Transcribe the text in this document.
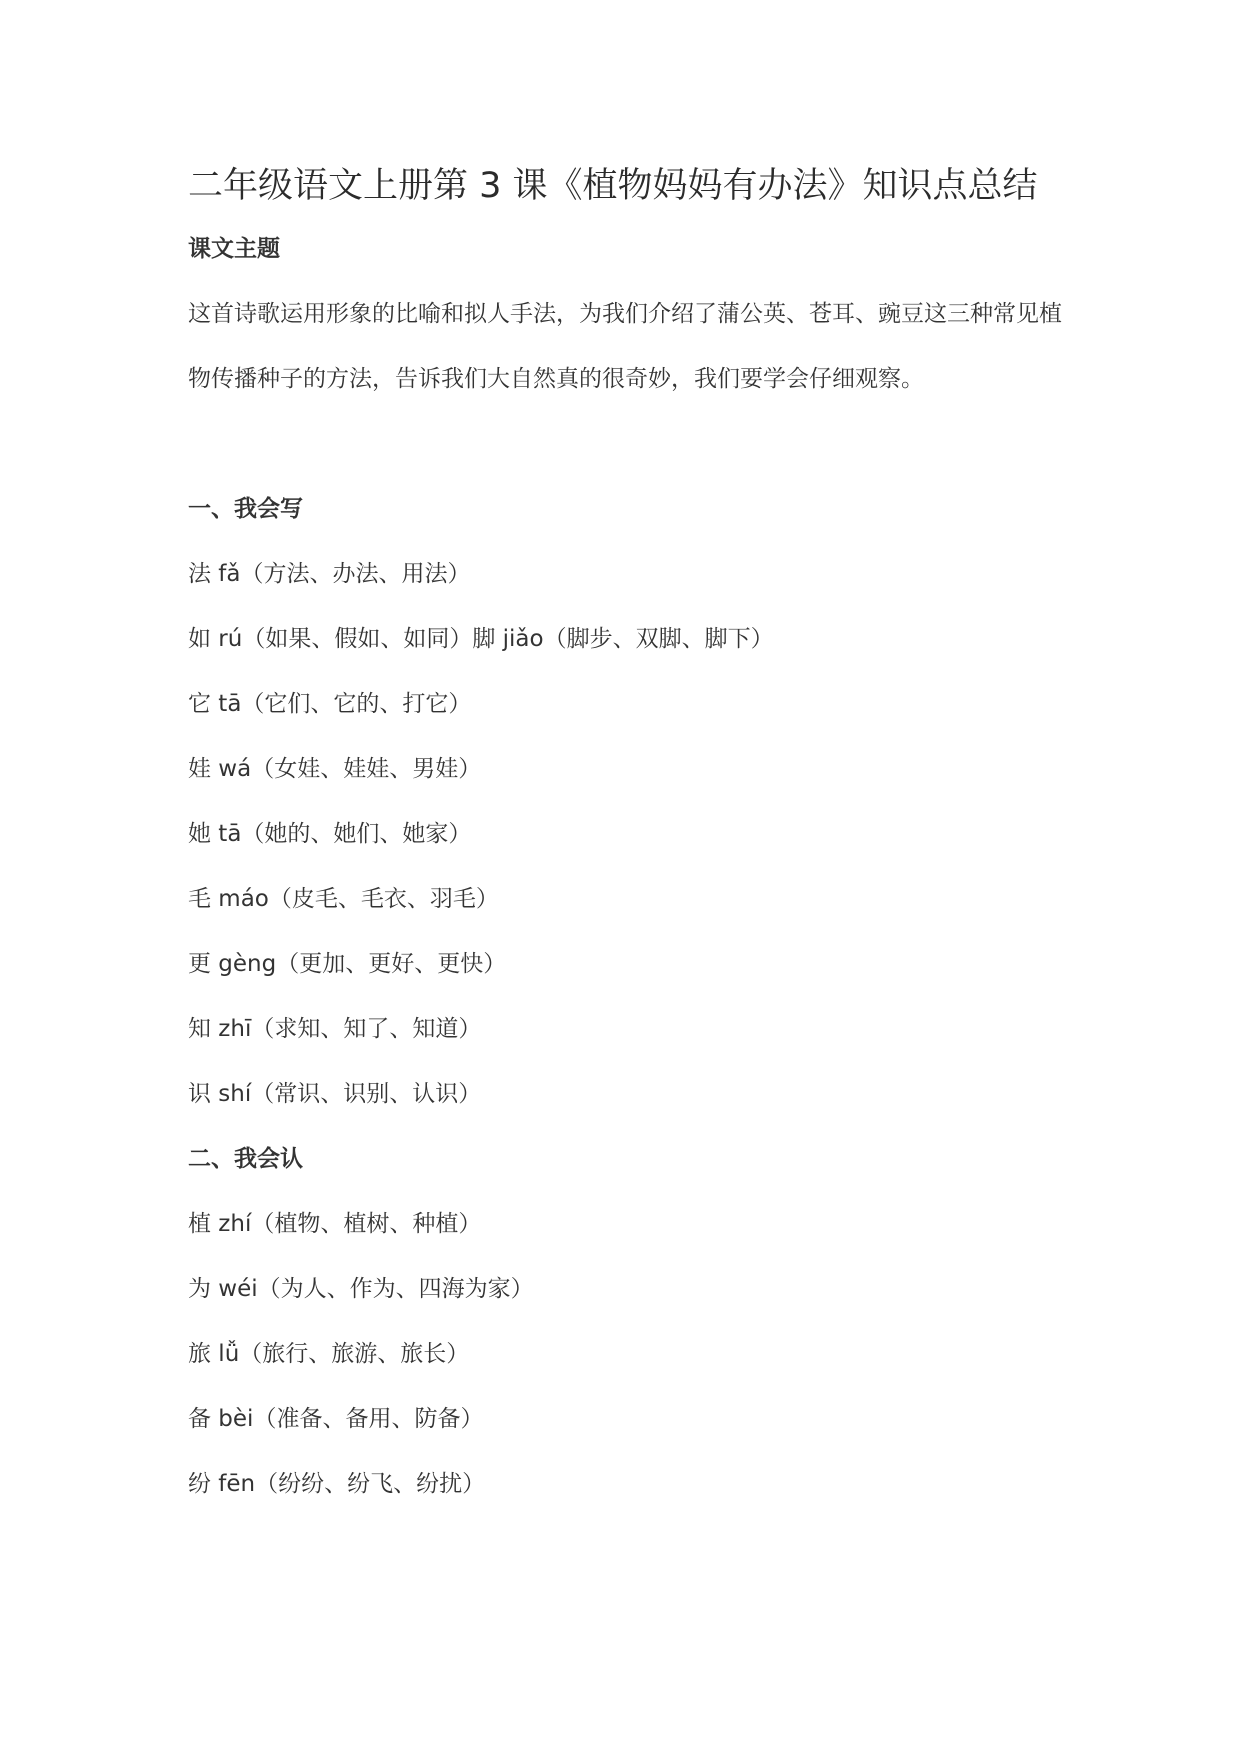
二年级语文上册第 3 课《植物妈妈有办法》知识点总结
课文主题

这首诗歌运用形象的比喻和拟人手法，为我们介绍了蒲公英、苍耳、豌豆这三种常见植物传播种子的方法，告诉我们大自然真的很奇妙，我们要学会仔细观察。

一、我会写

法 fǎ（方法、办法、用法）

如 rú（如果、假如、如同）脚 jiǎo（脚步、双脚、脚下）

它 tā（它们、它的、打它）

娃 wá（女娃、娃娃、男娃）

她 tā（她的、她们、她家）

毛 máo（皮毛、毛衣、羽毛）

更 gèng（更加、更好、更快）

知 zhī（求知、知了、知道）

识 shí（常识、识别、认识）

二、我会认

植 zhí（植物、植树、种植）

为 wéi（为人、作为、四海为家）

旅 lǚ（旅行、旅游、旅长）

备 bèi（准备、备用、防备）

纷 fēn（纷纷、纷飞、纷扰）
